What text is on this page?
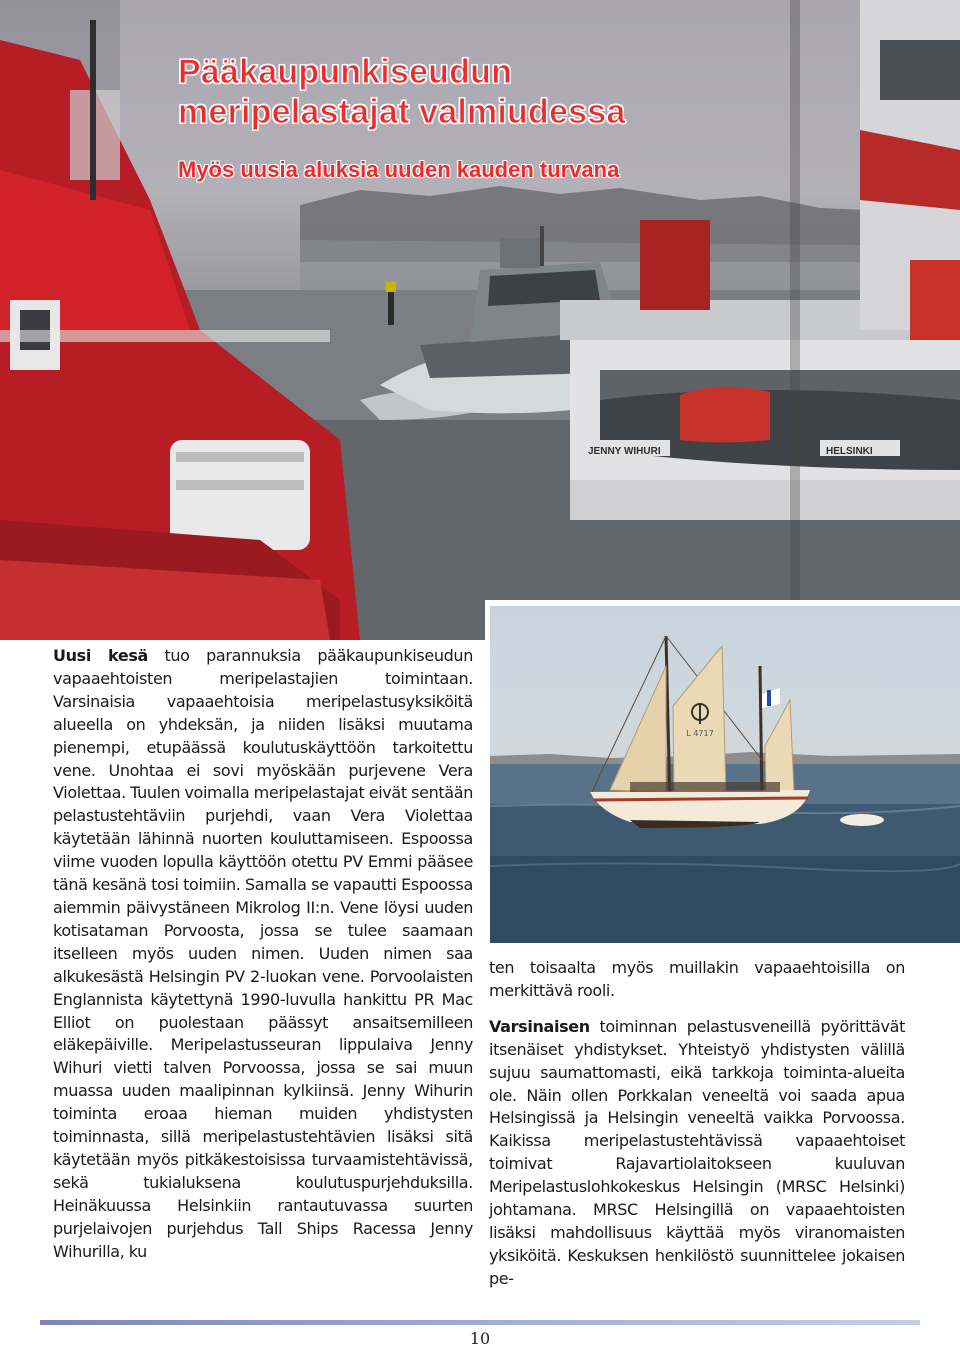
JENNY WIHURI	HELSINKI
Pääkaupunkiseudun
meripelastajat valmiudessa
Myös uusia aluksia uuden kauden turvana
L 4717

Uusi kesä tuo parannuksia pääkaupunkiseudun vapaaehtoisten meripelastajien toimintaan. Varsinaisia vapaaehtoisia meripelastusyksiköitä alueella on yhdeksän, ja niiden lisäksi muutama pienempi, etupäässä koulutuskäyttöön tarkoitettu vene. Unohtaa ei sovi myöskään purjevene Vera Violettaa. Tuulen voimalla meripelastajat eivät sentään pelastustehtäviin purjehdi, vaan Vera Violettaa käytetään lähinnä nuorten kouluttamiseen. Espoossa viime vuoden lopulla käyttöön otettu PV Emmi pääsee tänä kesänä tosi toimiin. Samalla se vapautti Espoossa aiemmin päivystäneen Mikrolog II:n. Vene löysi uuden kotisataman Porvoosta, jossa se tulee saamaan itselleen myös uuden nimen. Uuden nimen saa alkukesästä Helsingin PV 2-luokan vene. Porvoolaisten Englannista käytettynä 1990-luvulla hankittu PR Mac Elliot on puolestaan päässyt ansaitsemilleen eläkepäiville. Meripelastusseuran lippulaiva Jenny Wihuri vietti talven Porvoossa, jossa se sai muun muassa uuden maalipinnan kylkiinsä. Jenny Wihurin toiminta eroaa hieman muiden yhdistysten toiminnasta, sillä meripelastustehtävien lisäksi sitä käytetään myös pitkäkestoisissa turvaamistehtävissä, sekä tukialuksena koulutuspurjehduksilla. Heinäkuussa Helsinkiin rantautuvassa suurten purjelaivojen purjehdus Tall Ships Racessa Jenny Wihurilla, ku

ten toisaalta myös muillakin vapaaehtoisilla on merkittävä rooli.

Varsinaisen toiminnan pelastusveneillä pyörittävät itsenäiset yhdistykset. Yhteistyö yhdistysten välillä sujuu saumattomasti, eikä tarkkoja toiminta-alueita ole. Näin ollen Porkkalan veneeltä voi saada apua Helsingissä ja Helsingin veneeltä vaikka Porvoossa. Kaikissa meripelastustehtävissä vapaaehtoiset toimivat Rajavartiolaitokseen kuuluvan Meripelastuslohkokeskus Helsingin (MRSC Helsinki) johtamana. MRSC Helsingillä on vapaaehtoisten lisäksi mahdollisuus käyttää myös viranomaisten yksiköitä. Keskuksen henkilöstö suunnittelee jokaisen pe-

10
